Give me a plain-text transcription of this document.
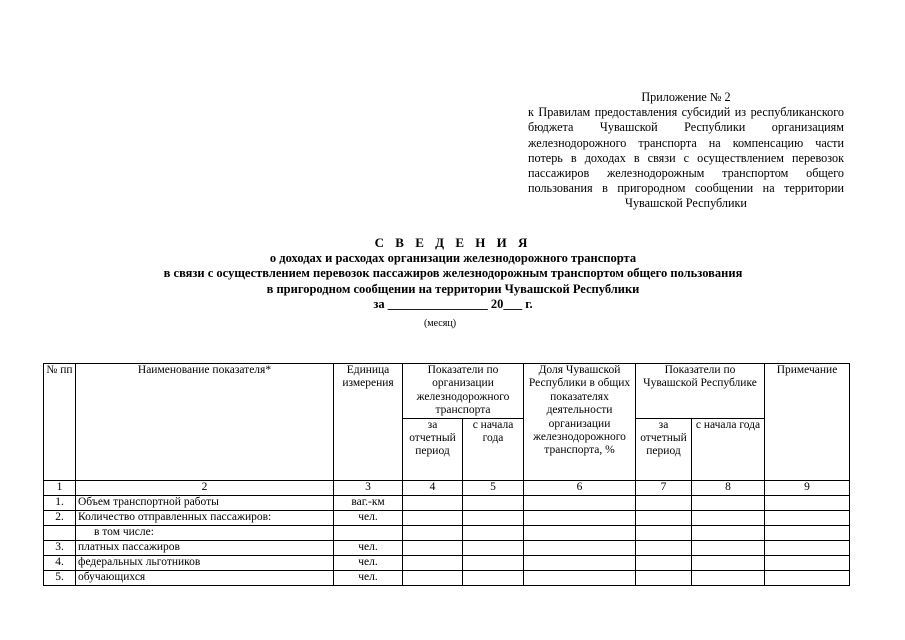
Приложение № 2
к Правилам предоставления субсидий из республиканского бюджета Чувашской Республики организациям железнодорожного транспорта на компенсацию части потерь в доходах в связи с осуществлением перевозок пассажиров железнодорожным транспортом общего пользования в пригородном сообщении на территории Чувашской Республики
С В Е Д Е Н И Я
о доходах и расходах организации железнодорожного транспорта
в связи с осуществлением перевозок пассажиров железнодорожным транспортом общего пользования
в пригородном сообщении на территории Чувашской Республики
за ________________ 20___ г.
(месяц)
№ пп	Наименование показателя*	Единица измерения	Показатели по организации железнодорожного транспорта		Доля Чувашской Республики в общих показателях деятельности организации железнодорожного транспорта, %	Показатели по Чувашской Республике		Примечание
			за отчетный период	с начала года		за отчетный период	с начала года	
1	2	3	4	5	6	7	8	9
1.	Объем транспортной работы	ваг.-км						
2.	Количество отправленных пассажиров:	чел.						
	в том числе:							
3.	платных пассажиров	чел.						
4.	федеральных льготников	чел.						
5.	обучающихся	чел.						
